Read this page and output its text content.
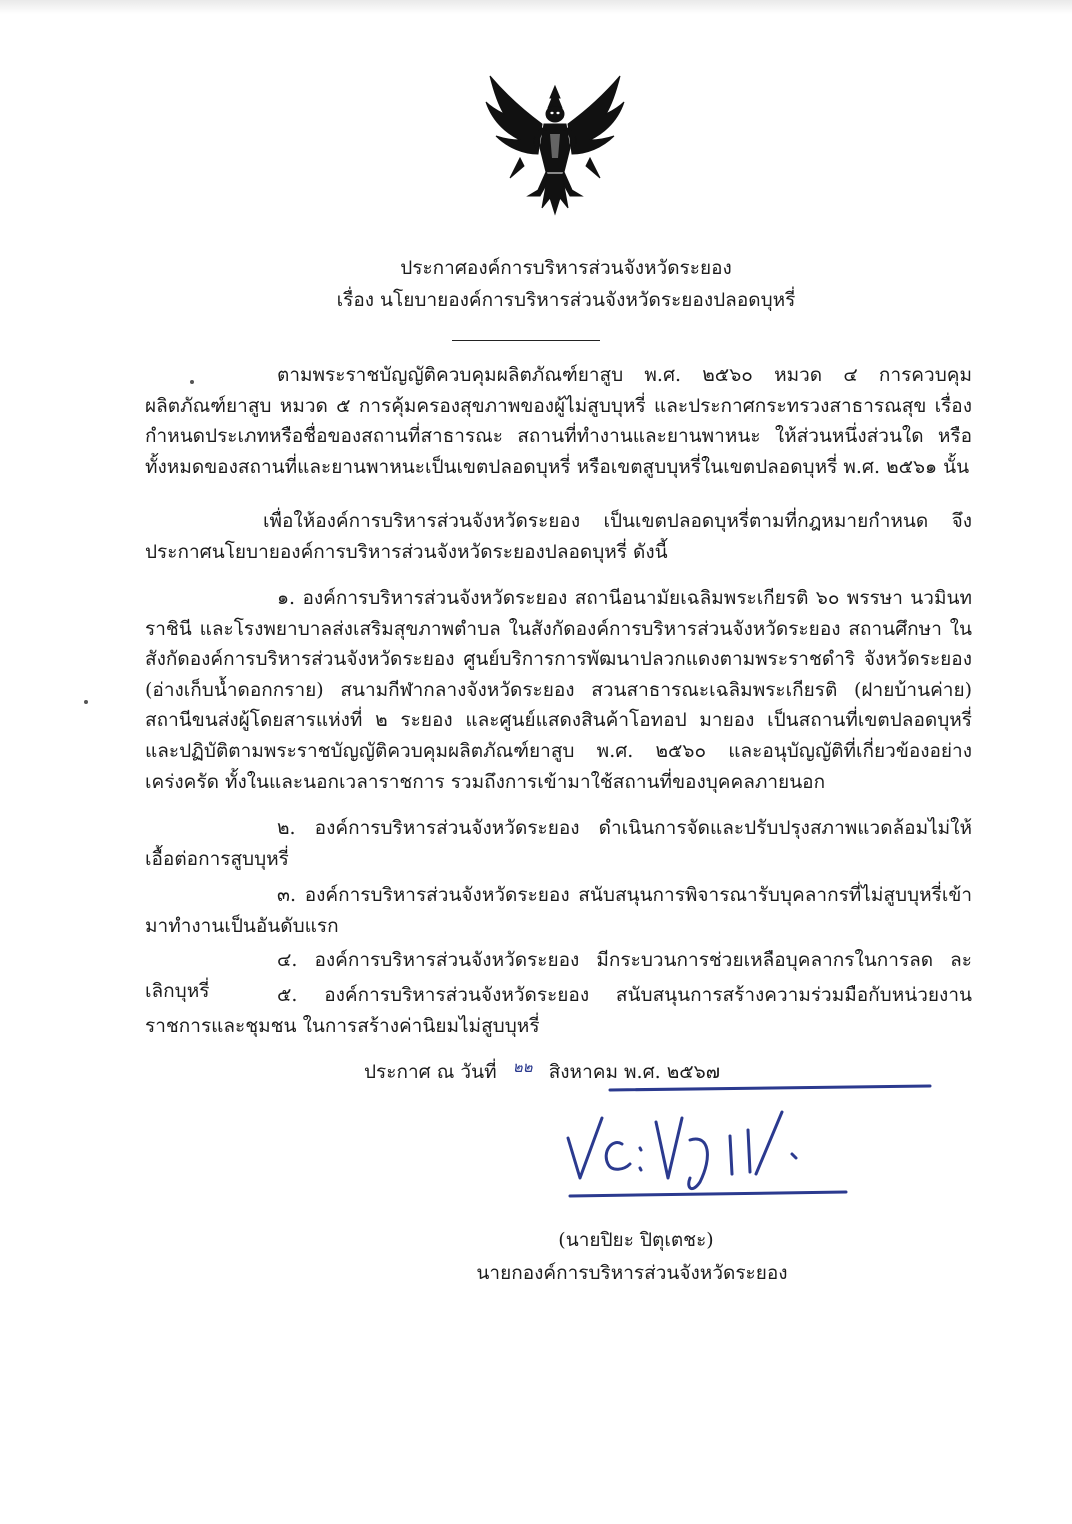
ประกาศองค์การบริหารส่วนจังหวัดระยอง
เรื่อง นโยบายองค์การบริหารส่วนจังหวัดระยองปลอดบุหรี่
ตามพระราชบัญญัติควบคุมผลิตภัณฑ์ยาสูบ พ.ศ. ๒๕๖๐ หมวด ๔ การควบคุมผลิตภัณฑ์ยาสูบ หมวด ๕ การคุ้มครองสุขภาพของผู้ไม่สูบบุหรี่ และประกาศกระทรวงสาธารณสุข เรื่อง กำหนดประเภทหรือชื่อของสถานที่สาธารณะ สถานที่ทำงานและยานพาหนะ ให้ส่วนหนึ่งส่วนใด หรือทั้งหมดของสถานที่และยานพาหนะเป็นเขตปลอดบุหรี่ หรือเขตสูบบุหรี่ในเขตปลอดบุหรี่ พ.ศ. ๒๕๖๑ นั้น
เพื่อให้องค์การบริหารส่วนจังหวัดระยอง เป็นเขตปลอดบุหรี่ตามที่กฎหมายกำหนด จึงประกาศนโยบายองค์การบริหารส่วนจังหวัดระยองปลอดบุหรี่ ดังนี้
๑. องค์การบริหารส่วนจังหวัดระยอง สถานีอนามัยเฉลิมพระเกียรติ ๖๐ พรรษา นวมินทราชินี และโรงพยาบาลส่งเสริมสุขภาพตำบล ในสังกัดองค์การบริหารส่วนจังหวัดระยอง สถานศึกษา ในสังกัดองค์การบริหารส่วนจังหวัดระยอง ศูนย์บริการการพัฒนาปลวกแดงตามพระราชดำริ จังหวัดระยอง (อ่างเก็บน้ำดอกกราย) สนามกีฬากลางจังหวัดระยอง สวนสาธารณะเฉลิมพระเกียรติ (ฝายบ้านค่าย) สถานีขนส่งผู้โดยสารแห่งที่ ๒ ระยอง และศูนย์แสดงสินค้าโอทอป มายอง เป็นสถานที่เขตปลอดบุหรี่และปฏิบัติตามพระราชบัญญัติควบคุมผลิตภัณฑ์ยาสูบ พ.ศ. ๒๕๖๐ และอนุบัญญัติที่เกี่ยวข้องอย่างเคร่งครัด ทั้งในและนอกเวลาราชการ รวมถึงการเข้ามาใช้สถานที่ของบุคคลภายนอก
๒. องค์การบริหารส่วนจังหวัดระยอง ดำเนินการจัดและปรับปรุงสภาพแวดล้อมไม่ให้เอื้อต่อการสูบบุหรี่
๓. องค์การบริหารส่วนจังหวัดระยอง สนับสนุนการพิจารณารับบุคลากรที่ไม่สูบบุหรี่เข้ามาทำงานเป็นอันดับแรก
๔. องค์การบริหารส่วนจังหวัดระยอง มีกระบวนการช่วยเหลือบุคลากรในการลด ละ เลิกบุหรี่	๕. องค์การบริหารส่วนจังหวัดระยอง สนับสนุนการสร้างความร่วมมือกับหน่วยงานราชการและชุมชน ในการสร้างค่านิยมไม่สูบบุหรี่
ประกาศ ณ วันที่ ๒๒ สิงหาคม พ.ศ. ๒๕๖๗
(นายปิยะ ปิตุเตชะ)
นายกองค์การบริหารส่วนจังหวัดระยอง
